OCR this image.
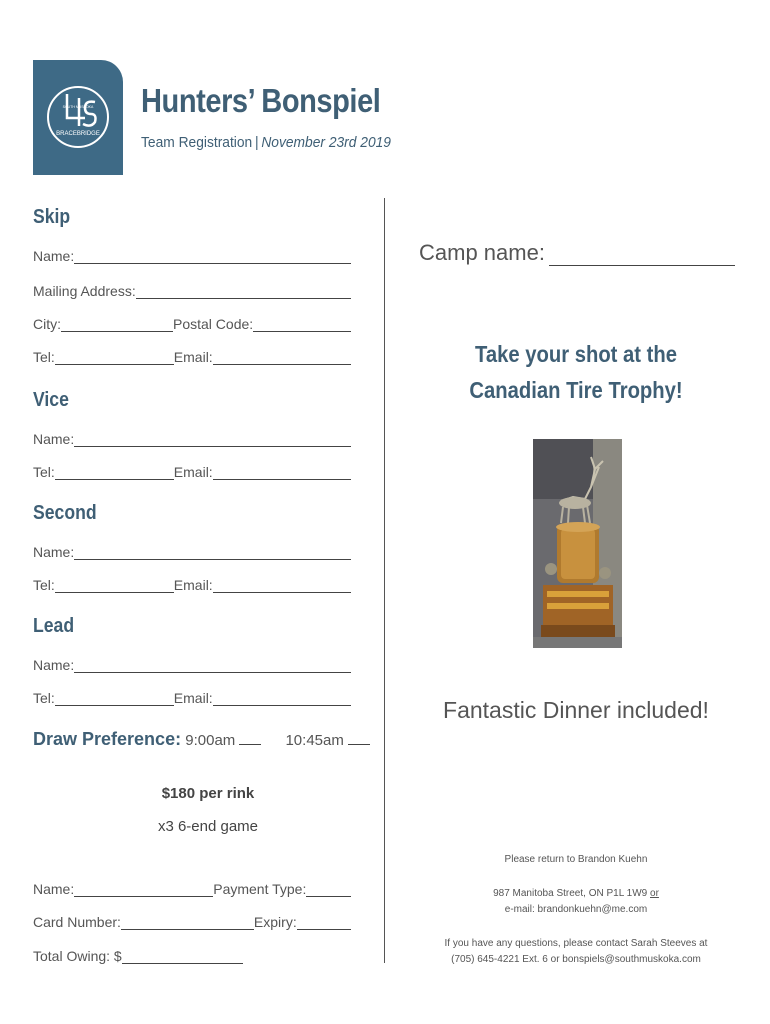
BRACEBRIDGE
SOUTH MUSKOKA Hunters’ Bonspiel
Team Registration | November 23rd 2019
Skip
Name:
Mailing Address:
City:	Postal Code:
Tel:	Email:
Vice
Name:
Tel:	Email:
Second
Name:
Tel:	Email:
Lead
Name:
Tel:	Email:
Draw Preference: 9:00am	10:45am
$180 per rink
x3 6-end game
Name:	Payment Type:
Card Number:	Expiry:
Total Owing: $
Camp name:
Take your shot at the
Canadian Tire Trophy!
Fantastic Dinner included!
Please return to Brandon Kuehn
987 Manitoba Street, ON P1L 1W9 or
e-mail: brandonkuehn@me.com
If you have any questions, please contact Sarah Steeves at
(705) 645-4221 Ext. 6 or bonspiels@southmuskoka.com
